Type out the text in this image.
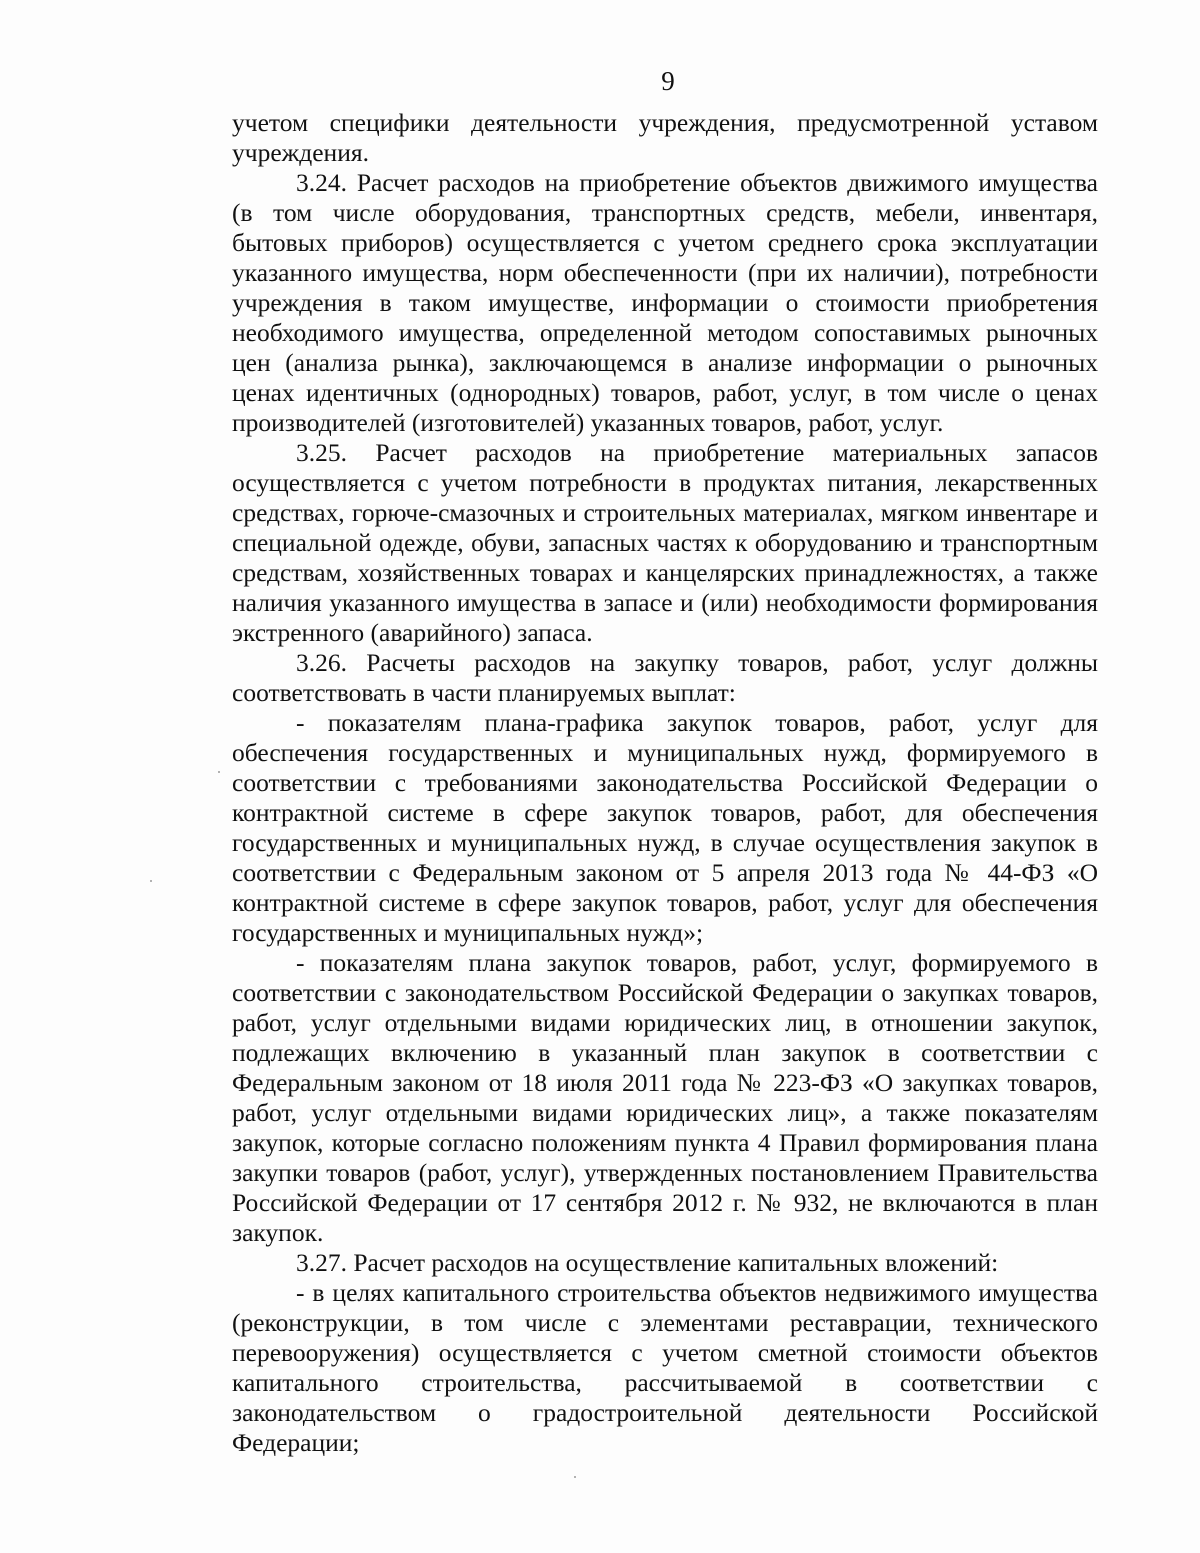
9

учетом специфики деятельности учреждения, предусмотренной уставом учреждения.

3.24. Расчет расходов на приобретение объектов движимого имущества (в том числе оборудования, транспортных средств, мебели, инвентаря, бытовых приборов) осуществляется с учетом среднего срока эксплуатации указанного имущества, норм обеспеченности (при их наличии), потребности учреждения в таком имуществе, информации о стоимости приобретения необходимого имущества, определенной методом сопоставимых рыночных цен (анализа рынка), заключающемся в анализе информации о рыночных ценах идентичных (однородных) товаров, работ, услуг, в том числе о ценах производителей (изготовителей) указанных товаров, работ, услуг.

3.25. Расчет расходов на приобретение материальных запасов осуществляется с учетом потребности в продуктах питания, лекарственных средствах, горюче-смазочных и строительных материалах, мягком инвентаре и специальной одежде, обуви, запасных частях к оборудованию и транспортным средствам, хозяйственных товарах и канцелярских принадлежностях, а также наличия указанного имущества в запасе и (или) необходимости формирования экстренного (аварийного) запаса.

3.26. Расчеты расходов на закупку товаров, работ, услуг должны соответствовать в части планируемых выплат:

- показателям плана-графика закупок товаров, работ, услуг для обеспечения государственных и муниципальных нужд, формируемого в соответствии с требованиями законодательства Российской Федерации о контрактной системе в сфере закупок товаров, работ, для обеспечения государственных и муниципальных нужд, в случае осуществления закупок в соответствии с Федеральным законом от 5 апреля 2013 года № 44-ФЗ «О контрактной системе в сфере закупок товаров, работ, услуг для обеспечения государственных и муниципальных нужд»;

- показателям плана закупок товаров, работ, услуг, формируемого в соответствии с законодательством Российской Федерации о закупках товаров, работ, услуг отдельными видами юридических лиц, в отношении закупок, подлежащих включению в указанный план закупок в соответствии с Федеральным законом от 18 июля 2011 года № 223-ФЗ «О закупках товаров, работ, услуг отдельными видами юридических лиц», а также показателям закупок, которые согласно положениям пункта 4 Правил формирования плана закупки товаров (работ, услуг), утвержденных постановлением Правительства Российской Федерации от 17 сентября 2012 г. № 932, не включаются в план закупок.

3.27. Расчет расходов на осуществление капитальных вложений:

- в целях капитального строительства объектов недвижимого имущества (реконструкции, в том числе с элементами реставрации, технического перевооружения) осуществляется с учетом сметной стоимости объектов капитального строительства, рассчитываемой в соответствии с законодательством о градостроительной деятельности Российской

Федерации;
